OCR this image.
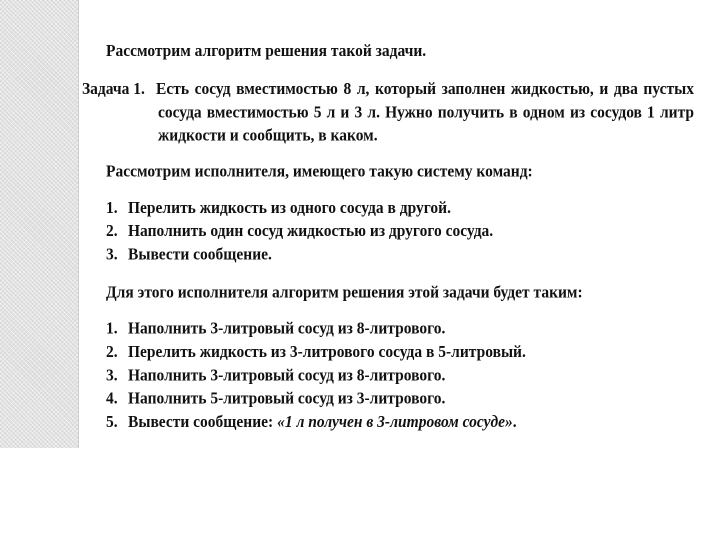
Рассмотрим алгоритм решения такой задачи.

Задача 1. Есть сосуд вместимостью 8 л, который заполнен жидкостью, и два пустых сосуда вместимостью 5 л и 3 л. Нужно получить в одном из сосудов 1 литр жидкости и сообщить, в каком.

Рассмотрим исполнителя, имеющего такую систему команд:

1. Перелить жидкость из одного сосуда в другой.
2. Наполнить один сосуд жидкостью из другого сосуда.
3. Вывести сообщение.

Для этого исполнителя алгоритм решения этой задачи будет таким:

1. Наполнить 3-литровый сосуд из 8-литрового.
2. Перелить жидкость из 3-литрового сосуда в 5-литровый.
3. Наполнить 3-литровый сосуд из 8-литрового.
4. Наполнить 5-литровый сосуд из 3-литрового.
5. Вывести сообщение: «1 л получен в 3-литровом сосуде».
